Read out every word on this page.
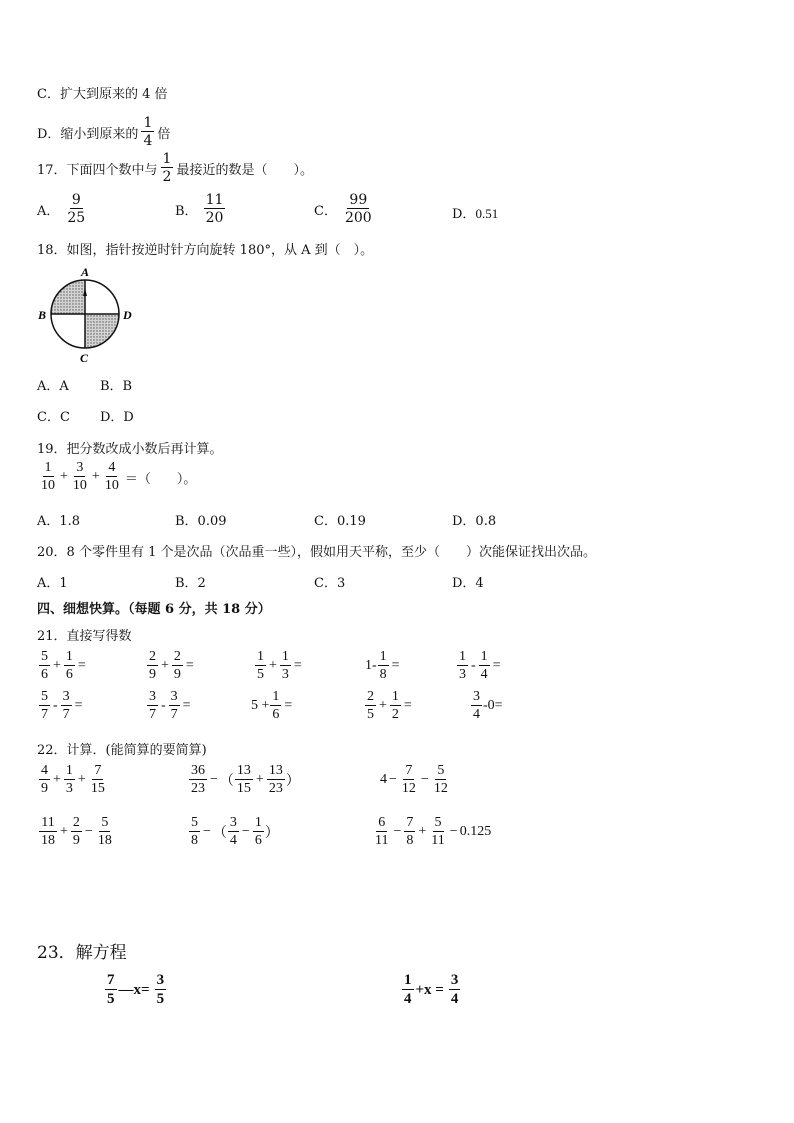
C．扩大到原来的 4 倍
D．缩小到原来的 $\frac{1}{4}$ 倍
17．下面四个数中与 $\frac{1}{2}$ 最接近的数是（　　）。
A． $\frac{9}{25}$	B． $\frac{11}{20}$	C． $\frac{99}{200}$	D．0.51
18．如图，指针按逆时针方向旋转 180°，从 A 到（　）。
A
B	D
C
A．A B．B
C．C D．D
19．把分数改成小数后再计算。
$\frac{1}{10} + \frac{3}{10} + \frac{4}{10}$ ＝（　　）。
A．1.8	B．0.09	C．0.19	D．0.8
20．8 个零件里有 1 个是次品（次品重一些），假如用天平称，至少（　　）次能保证找出次品。
A．1	B．2	C．3	D．4
四、细想快算。（每题 6 分，共 18 分）
21．直接写得数
$\frac{5}{6} + \frac{1}{6}$ =	$\frac{2}{9} + \frac{2}{9}$ =	$\frac{1}{5} + \frac{1}{3}$ =	$1- \frac{1}{8}$ =	$\frac{1}{3} - \frac{1}{4}$ =
$\frac{5}{7} - \frac{3}{7}$ =	$\frac{3}{7} - \frac{3}{7}$ =	$5 + \frac{1}{6}$ =	$\frac{2}{5} + \frac{1}{2}$ =	$\frac{3}{4} -0=$
22．计算．(能简算的要简算)
$\frac{4}{9} + \frac{1}{3} + \frac{7}{15}$	$\frac{36}{23}$ − （ $\frac{13}{15} + \frac{13}{23}$ ）	$4 - \frac{7}{12} - \frac{5}{12}$
$\frac{11}{18} + \frac{2}{9} - \frac{5}{18}$	$\frac{5}{8}$ − （ $\frac{3}{4} - \frac{1}{6}$ ）	$\frac{6}{11} - \frac{7}{8} + \frac{5}{11} - 0.125$
23．解方程
$\frac{7}{5}$ —x= $\frac{3}{5}$	$\frac{1}{4} +x = \frac{3}{4}$
